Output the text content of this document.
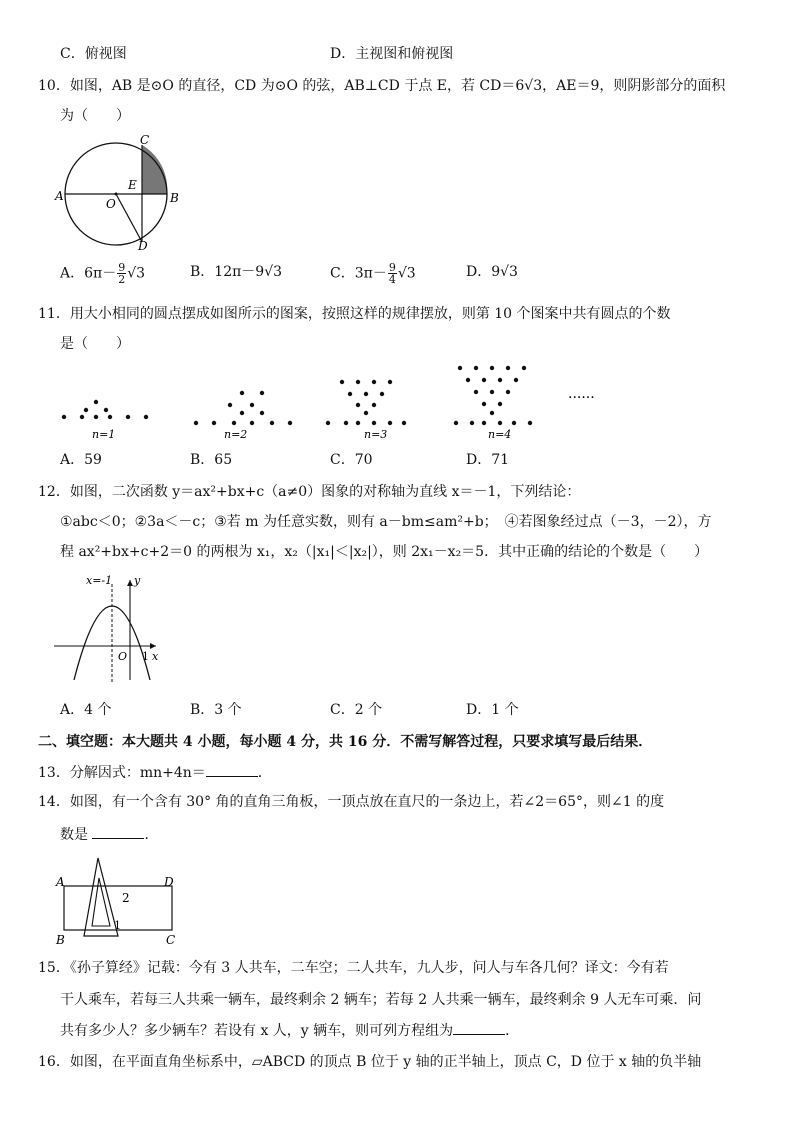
C．俯视图	D．主视图和俯视图
10．如图，AB 是⊙O 的直径，CD 为⊙O 的弦，AB⊥CD 于点 E，若 CD＝6√3，AE＝9，则阴影部分的面积
为（　　）
A	B
C
D
E
O
A．$6\pi- \frac{9}{2} √3$	B．12π－9√3	C．$3\pi- \frac{9}{4} √3$	D．9√3
11．用大小相同的圆点摆成如图所示的图案，按照这样的规律摆放，则第 10 个图案中共有圆点的个数
是（　　）
n=1	n=2	n=3	n=4
······
A．59	B．65	C．70	D．71
12．如图，二次函数 y＝ax²+bx+c（a≠0）图象的对称轴为直线 x＝－1，下列结论：
①abc＜0；②3a＜－c；③若 m 为任意实数，则有 a－bm≤am²+b；　④若图象经过点（－3，－2），方
程 ax²+bx+c+2＝0 的两根为 x₁，x₂（|x₁|＜|x₂|），则 2x₁－x₂＝5．其中正确的结论的个数是（　　）
x=-1 y
x
O 1
A．4 个	B．3 个	C．2 个	D．1 个
二、填空题：本大题共 4 小题，每小题 4 分，共 16 分．不需写解答过程，只要求填写最后结果．
13．分解因式：mn+4n＝	．
14．如图，有一个含有 30° 角的直角三角板，一顶点放在直尺的一条边上，若∠2＝65°，则∠1 的度
数是	．
A	D
B	C
2
1
15．《孙子算经》记载：今有 3 人共车，二车空；二人共车，九人步，问人与车各几何？译文：今有若
干人乘车，若每三人共乘一辆车，最终剩余 2 辆车；若每 2 人共乘一辆车，最终剩余 9 人无车可乘．问
共有多少人？多少辆车？若设有 x 人，y 辆车，则可列方程组为	．
16．如图，在平面直角坐标系中，▱ABCD 的顶点 B 位于 y 轴的正半轴上，顶点 C，D 位于 x 轴的负半轴
